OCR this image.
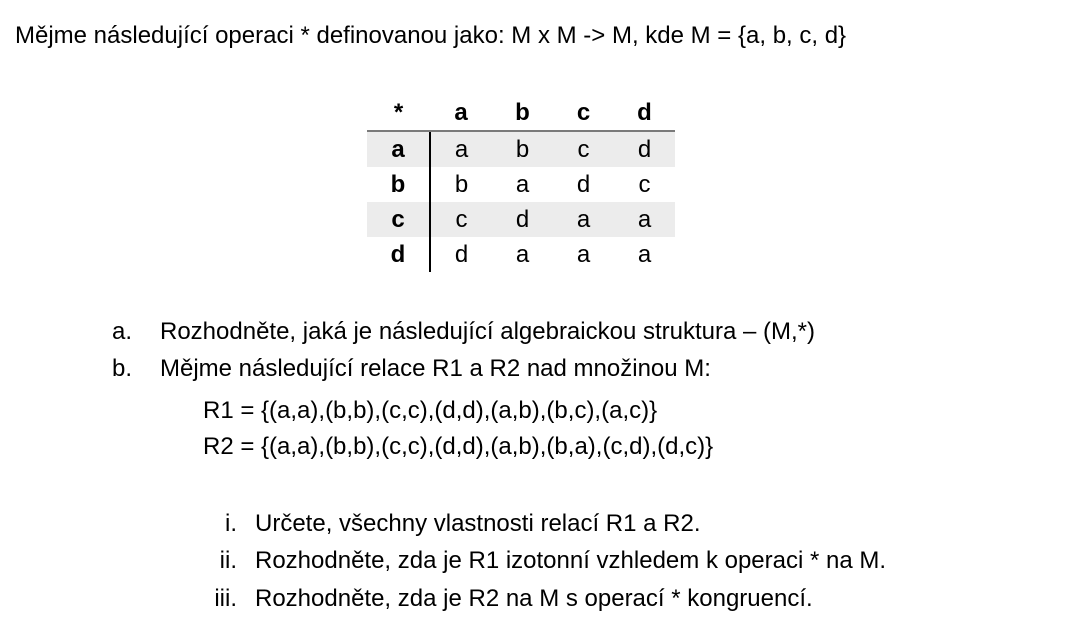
Mějme následující operaci * definovanou jako: M x M -> M, kde M = {a, b, c, d}
*	a	b	c	d
a	a	b	c	d
b	b	a	d	c
c	c	d	a	a
d	d	a	a	a
a. Rozhodněte, jaká je následující algebraickou struktura – (M,*)
b. Mějme následující relace R1 a R2 nad množinou M:
R1 = {(a,a),(b,b),(c,c),(d,d),(a,b),(b,c),(a,c)}
R2 = {(a,a),(b,b),(c,c),(d,d),(a,b),(b,a),(c,d),(d,c)}
i. Určete, všechny vlastnosti relací R1 a R2.
ii. Rozhodněte, zda je R1 izotonní vzhledem k operaci * na M.
iii. Rozhodněte, zda je R2 na M s operací * kongruencí.
